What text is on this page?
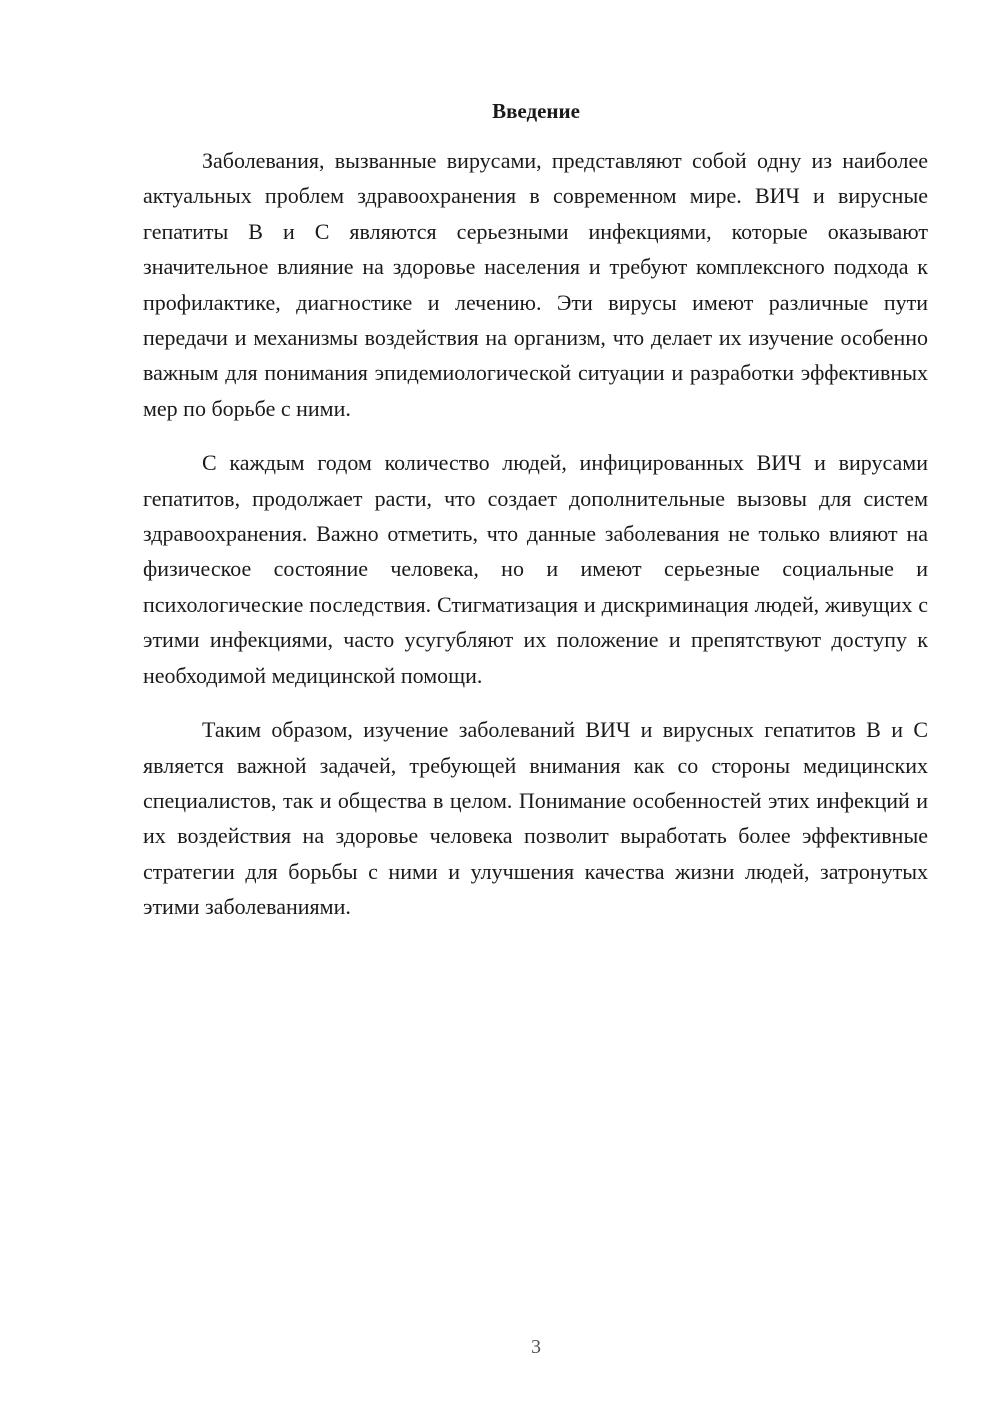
Введение

Заболевания, вызванные вирусами, представляют собой одну из наиболее актуальных проблем здравоохранения в современном мире. ВИЧ и вирусные гепатиты B и C являются серьезными инфекциями, которые оказывают значительное влияние на здоровье населения и требуют комплексного подхода к профилактике, диагностике и лечению. Эти вирусы имеют различные пути передачи и механизмы воздействия на организм, что делает их изучение особенно важным для понимания эпидемиологической ситуации и разработки эффективных мер по борьбе с ними.

С каждым годом количество людей, инфицированных ВИЧ и вирусами гепатитов, продолжает расти, что создает дополнительные вызовы для систем здравоохранения. Важно отметить, что данные заболевания не только влияют на физическое состояние человека, но и имеют серьезные социальные и психологические последствия. Стигматизация и дискриминация людей, живущих с этими инфекциями, часто усугубляют их положение и препятствуют доступу к необходимой медицинской помощи.

Таким образом, изучение заболеваний ВИЧ и вирусных гепатитов B и C является важной задачей, требующей внимания как со стороны медицинских специалистов, так и общества в целом. Понимание особенностей этих инфекций и их воздействия на здоровье человека позволит выработать более эффективные стратегии для борьбы с ними и улучшения качества жизни людей, затронутых этими заболеваниями.

3
